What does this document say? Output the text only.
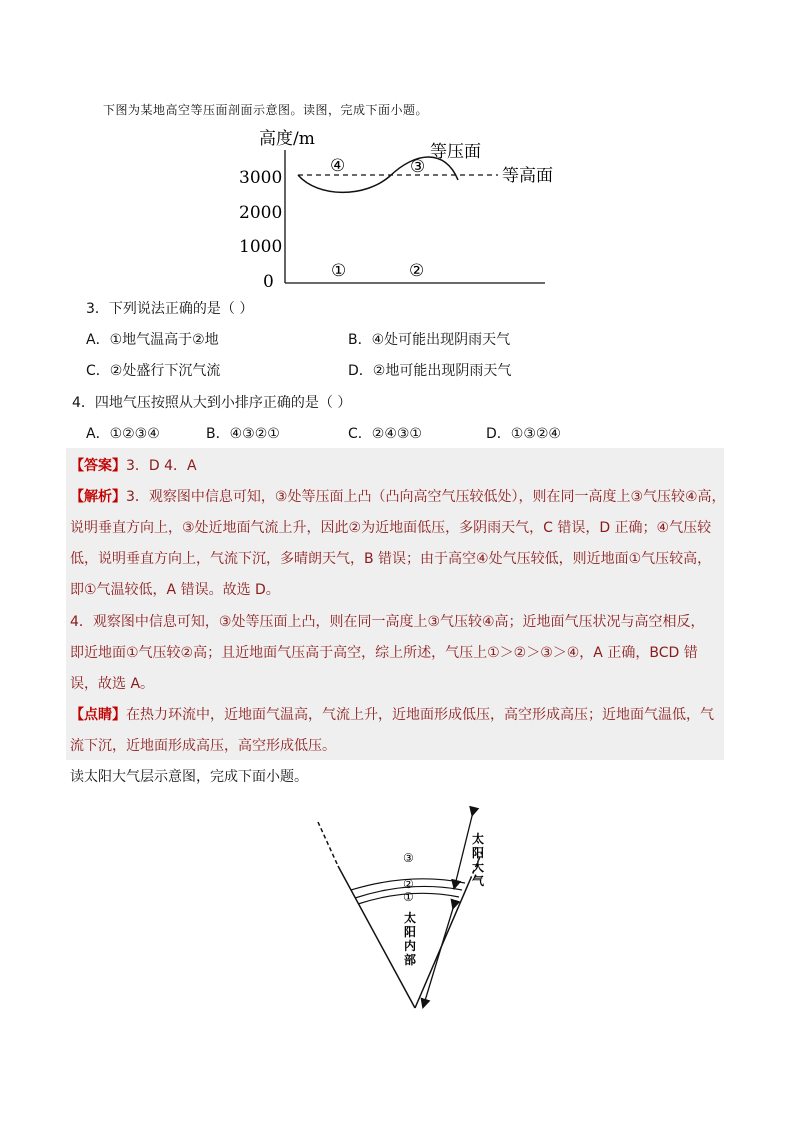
下图为某地高空等压面剖面示意图。读图，完成下面小题。
高度/m
3000
2000
1000
0
④	③
等压面
等高面
①	②
3．下列说法正确的是（ ）
A．①地气温高于②地	B．④处可能出现阴雨天气
C．②处盛行下沉气流	D．②地可能出现阴雨天气
4．四地气压按照从大到小排序正确的是（ ）
A．①②③④	B．④③②①	C．②④③①	D．①③②④
【答案】3．D 4．A
【解析】3．观察图中信息可知，③处等压面上凸（凸向高空气压较低处），则在同一高度上③气压较④高，
说明垂直方向上，③处近地面气流上升，因此②为近地面低压，多阴雨天气，C 错误，D 正确；④气压较
低，说明垂直方向上，气流下沉，多晴朗天气，B 错误；由于高空④处气压较低，则近地面①气压较高，
即①气温较低，A 错误。故选 D。
4．观察图中信息可知，③处等压面上凸，则在同一高度上③气压较④高；近地面气压状况与高空相反，
即近地面①气压较②高；且近地面气压高于高空，综上所述，气压上①＞②＞③＞④，A 正确，BCD 错
误，故选 A。
【点睛】在热力环流中，近地面气温高，气流上升，近地面形成低压，高空形成高压；近地面气温低，气
流下沉，近地面形成高压，高空形成低压。
读太阳大气层示意图，完成下面小题。
③
②
①
太
阳
大
气
太
阳
内
部
